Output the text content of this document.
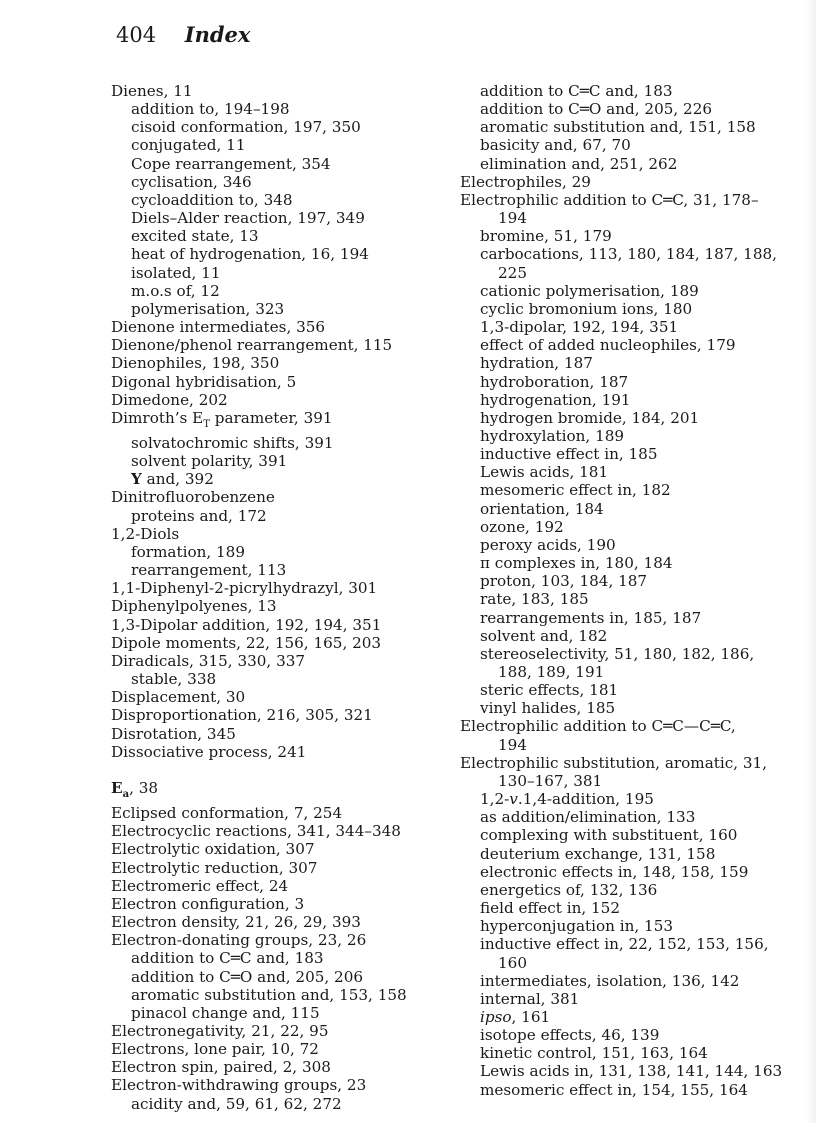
404 Index
Dienes, 11
addition to, 194–198
cisoid conformation, 197, 350
conjugated, 11
Cope rearrangement, 354
cyclisation, 346
cycloaddition to, 348
Diels–Alder reaction, 197, 349
excited state, 13
heat of hydrogenation, 16, 194
isolated, 11
m.o.s of, 12
polymerisation, 323
Dienone intermediates, 356
Dienone/phenol rearrangement, 115
Dienophiles, 198, 350
Digonal hybridisation, 5
Dimedone, 202
Dimroth’s $E_T$ parameter, 391
solvatochromic shifts, 391
solvent polarity, 391
Y and, 392
Dinitrofluorobenzene
proteins and, 172
1,2-Diols
formation, 189
rearrangement, 113
1,1-Diphenyl-2-picrylhydrazyl, 301
Diphenylpolyenes, 13
1,3-Dipolar addition, 192, 194, 351
Dipole moments, 22, 156, 165, 203
Diradicals, 315, 330, 337
stable, 338
Displacement, 30
Disproportionation, 216, 305, 321
Disrotation, 345
Dissociative process, 241
$E_a$, 38
Eclipsed conformation, 7, 254
Electrocyclic reactions, 341, 344–348
Electrolytic oxidation, 307
Electrolytic reduction, 307
Electromeric effect, 24
Electron configuration, 3
Electron density, 21, 26, 29, 393
Electron-donating groups, 23, 26
addition to C═C and, 183
addition to C═O and, 205, 206
aromatic substitution and, 153, 158
pinacol change and, 115
Electronegativity, 21, 22, 95
Electrons, lone pair, 10, 72
Electron spin, paired, 2, 308
Electron-withdrawing groups, 23
acidity and, 59, 61, 62, 272
addition to C═C and, 183
addition to C═O and, 205, 226
aromatic substitution and, 151, 158
basicity and, 67, 70
elimination and, 251, 262
Electrophiles, 29
Electrophilic addition to C═C, 31, 178–
194
bromine, 51, 179
carbocations, 113, 180, 184, 187, 188,
225
cationic polymerisation, 189
cyclic bromonium ions, 180
1,3-dipolar, 192, 194, 351
effect of added nucleophiles, 179
hydration, 187
hydroboration, 187
hydrogenation, 191
hydrogen bromide, 184, 201
hydroxylation, 189
inductive effect in, 185
Lewis acids, 181
mesomeric effect in, 182
orientation, 184
ozone, 192
peroxy acids, 190
π complexes in, 180, 184
proton, 103, 184, 187
rate, 183, 185
rearrangements in, 185, 187
solvent and, 182
stereoselectivity, 51, 180, 182, 186,
188, 189, 191
steric effects, 181
vinyl halides, 185
Electrophilic addition to C═C—C═C,
194
Electrophilic substitution, aromatic, 31,
130–167, 381
1,2-v.1,4-addition, 195
as addition/elimination, 133
complexing with substituent, 160
deuterium exchange, 131, 158
electronic effects in, 148, 158, 159
energetics of, 132, 136
field effect in, 152
hyperconjugation in, 153
inductive effect in, 22, 152, 153, 156,
160
intermediates, isolation, 136, 142
internal, 381
ipso, 161
isotope effects, 46, 139
kinetic control, 151, 163, 164
Lewis acids in, 131, 138, 141, 144, 163
mesomeric effect in, 154, 155, 164
